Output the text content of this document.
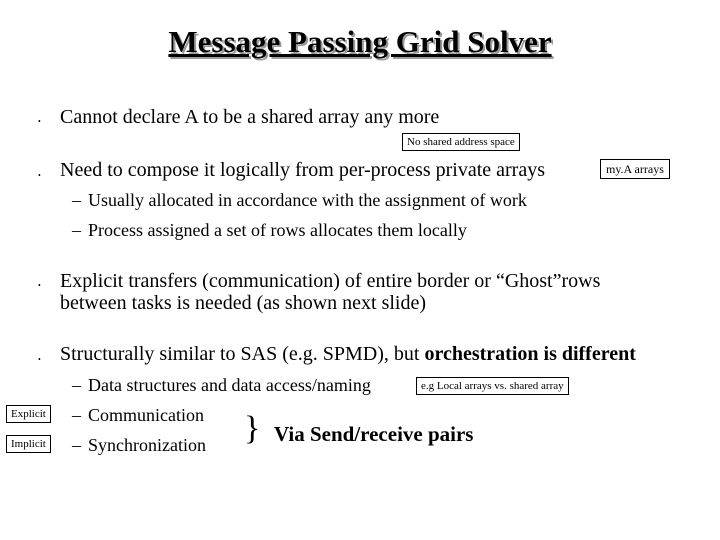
Message Passing Grid Solver
• Cannot declare A to be a shared array any more
No shared address space
• Need to compose it logically from per-process private arrays	my.A arrays
– Usually allocated in accordance with the assignment of work
– Process assigned a set of rows allocates them locally
• Explicit transfers (communication) of entire border or “Ghost”rows
between tasks is needed (as shown next slide)
• Structurally similar to SAS (e.g. SPMD), but orchestration is different
– Data structures and data access/naming	e.g Local arrays vs. shared array
Explicit – Communication
Implicit – Synchronization } Via Send/receive pairs
